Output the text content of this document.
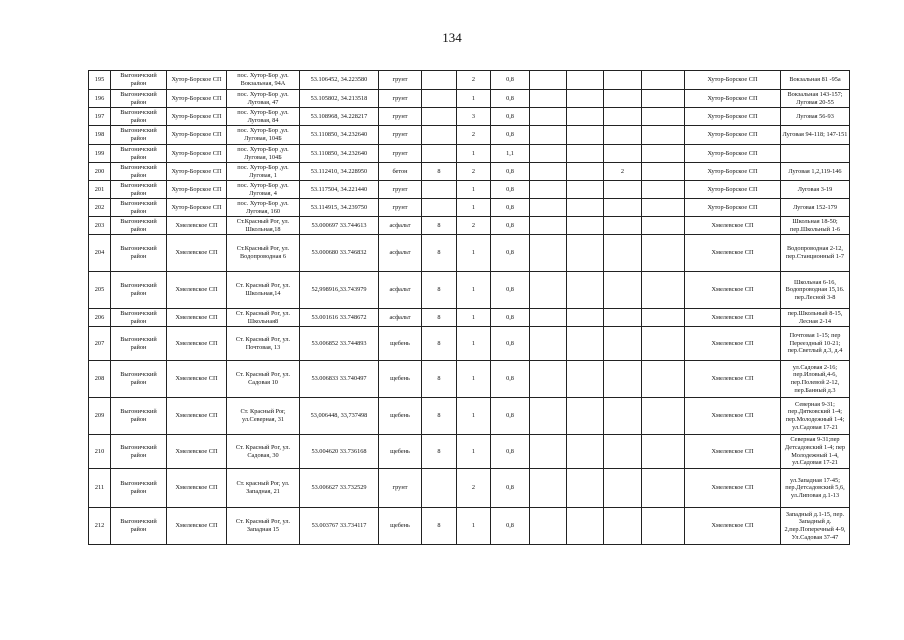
134
195	Выгоничский район	Хутор-Борское СП	пос. Хутор-Бор ,ул. Вокзальная, 94А	53.106452, 34.223580	грунт		2	0,8					Хутор-Борское СП	Вокзальная 81 -95а
196	Выгоничский район	Хутор-Борское СП	пос. Хутор-Бор ,ул. Луговая, 47	53.105802, 34.213518	грунт		1	0,8					Хутор-Борское СП	Вокзальная 143-157; Луговая 20-55
197	Выгоничский район	Хутор-Борское СП	пос. Хутор-Бор ,ул. Луговая, 84	53.108968, 34.228217	грунт		3	0,8					Хутор-Борское СП	Луговая 56-93
198	Выгоничский район	Хутор-Борское СП	пос. Хутор-Бор ,ул. Луговая, 104Б	53.110850, 34.232640	грунт		2	0,8					Хутор-Борское СП	Луговая 94-118; 147-151
199	Выгоничский район	Хутор-Борское СП	пос. Хутор-Бор ,ул. Луговая, 104Б	53.110850, 34.232640	грунт		1	1,1					Хутор-Борское СП	
200	Выгоничский район	Хутор-Борское СП	пос. Хутор-Бор ,ул. Луговая, 1	53.112410, 34.228950	бетон	8	2	0,8			2		Хутор-Борское СП	Луговая 1,2,119-146
201	Выгоничский район	Хутор-Борское СП	пос. Хутор-Бор ,ул. Луговая, 4	53.117504, 34.221440	грунт		1	0,8					Хутор-Борское СП	Луговая 3-19
202	Выгоничский район	Хутор-Борское СП	пос. Хутор-Бор ,ул. Луговая, 160	53.114915, 34.239750	грунт		1	0,8					Хутор-Борское СП	Луговая 152-179
203	Выгоничский район	Хмелевское СП	Ст.Красный Рог, ул. Школьная,18	53.000697 33.744613	асфальт	8	2	0,8					Хмелевское СП	Школьная 18-50; пер.Школьный 1-6
204	Выгоничский район	Хмелевское СП	Ст.Красный Рог, ул. Водопроводная 6	53.000680 33.746832	асфальт	8	1	0,8					Хмелевское СП	Водопроводная 2-12, пер.Станционный 1-7
205	Выгоничский район	Хмелевское СП	Ст. Красный Рог, ул. Школьная,14	52,998916,33.743979	асфальт	8	1	0,8					Хмелевское СП	Школьная 6-16, Водопроводная 15,16. пер.Лесной 3-8
206	Выгоничский район	Хмелевское СП	Ст. Красный Рог, ул. Школьная8	53.001616 33.748672	асфальт	8	1	0,8					Хмелевское СП	пер.Школьный 8-15, Лесная 2-14
207	Выгоничский район	Хмелевское СП	Ст. Красный Рог, ул. Почтовая, 13	53.006852 33.744893	щебень	8	1	0,8					Хмелевское СП	Почтовая 1-15; пер Переездный 10-21; пер.Светлый д.3, д.4
208	Выгоничский район	Хмелевское СП	Ст. Красный Рог, ул. Садовая 10	53.006833 33.740497	щебень	8	1	0,8					Хмелевское СП	ул.Садовая 2-16; пер.Иловый,4-6, пер.Полевой 2-12, пер.Банный д.3
209	Выгоничский район	Хмелевское СП	Ст. Красный Рог, ул.Северная, 31	53,006448, 33,737498	щебень	8	1	0,8					Хмелевское СП	Северная 9-31; пер.Дятковский 1-4; пер.Молодежный 1-4; ул.Садовая 17-21
210	Выгоничский район	Хмелевское СП	Ст. Красный Рог, ул. Садовая, 30	53.004620 33.736168	щебень	8	1	0,8					Хмелевское СП	Северная 9-31;пер Детсадовский 1-4; пер Молодежный 1-4, ул.Садовая 17-21
211	Выгоничский район	Хмелевское СП	Ст. красный Рог, ул. Западная, 21	53.006627 33.732529	грунт		2	0,8					Хмелевское СП	ул.Западная 17-45; пер.Детсадовский 5,6, ул.Липовая д.1-13
212	Выгоничский район	Хмелевское СП	Ст. Красный Рог, ул. Западная 15	53.003767 33.734117	щебень	8	1	0,8					Хмелевское СП	Западный д.1-15, пер. Западный д. 2,пер.Поперечный 4-9, Ул.Садовая 37-47
